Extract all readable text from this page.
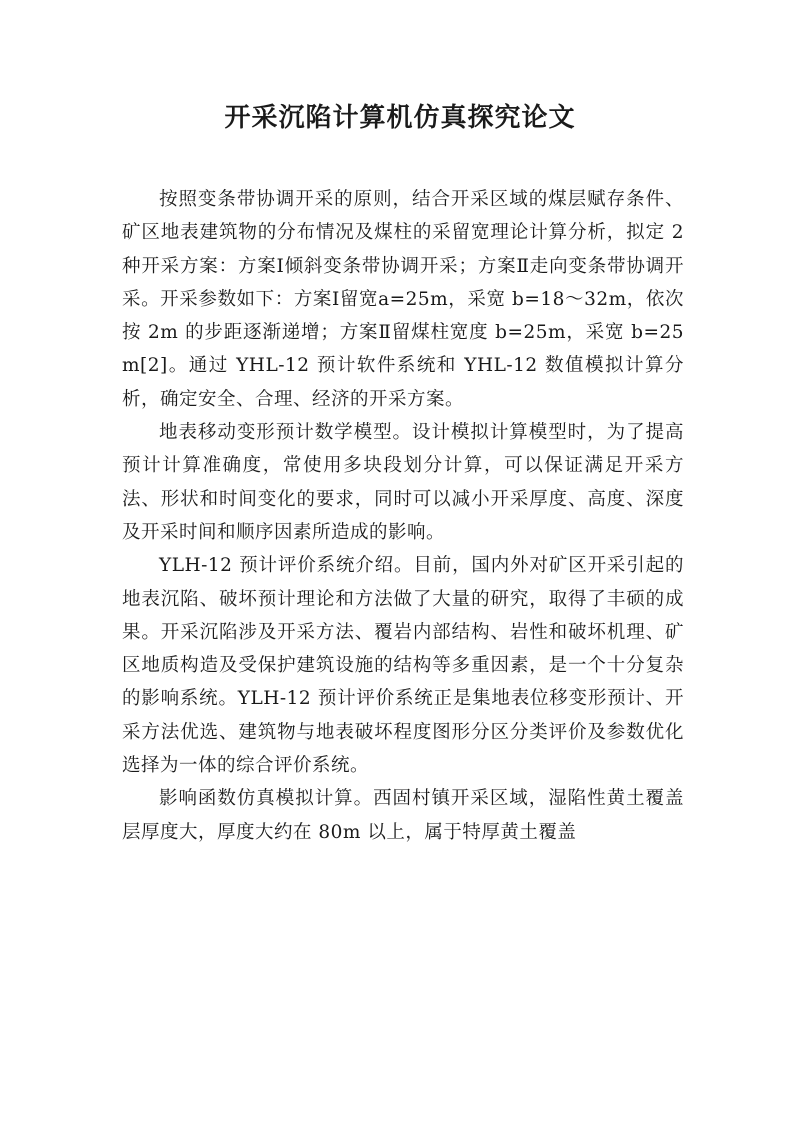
开采沉陷计算机仿真探究论文

按照变条带协调开采的原则，结合开采区域的煤层赋存条件、矿区地表建筑物的分布情况及煤柱的采留宽理论计算分析，拟定 2 种开采方案：方案Ⅰ倾斜变条带协调开采；方案Ⅱ走向变条带协调开采。开采参数如下：方案Ⅰ留宽a=25m，采宽 b=18～32m，依次按 2m 的步距逐渐递增；方案Ⅱ留煤柱宽度 b=25m，采宽 b=25m[2]。通过 YHL-12 预计软件系统和 YHL-12 数值模拟计算分析，确定安全、合理、经济的开采方案。

地表移动变形预计数学模型。设计模拟计算模型时，为了提高预计计算准确度，常使用多块段划分计算，可以保证满足开采方法、形状和时间变化的要求，同时可以减小开采厚度、高度、深度及开采时间和顺序因素所造成的影响。

YLH-12 预计评价系统介绍。目前，国内外对矿区开采引起的地表沉陷、破坏预计理论和方法做了大量的研究，取得了丰硕的成果。开采沉陷涉及开采方法、覆岩内部结构、岩性和破坏机理、矿区地质构造及受保护建筑设施的结构等多重因素，是一个十分复杂的影响系统。YLH-12 预计评价系统正是集地表位移变形预计、开采方法优选、建筑物与地表破坏程度图形分区分类评价及参数优化选择为一体的综合评价系统。

影响函数仿真模拟计算。西固村镇开采区域，湿陷性黄土覆盖层厚度大，厚度大约在 80m 以上，属于特厚黄土覆盖
